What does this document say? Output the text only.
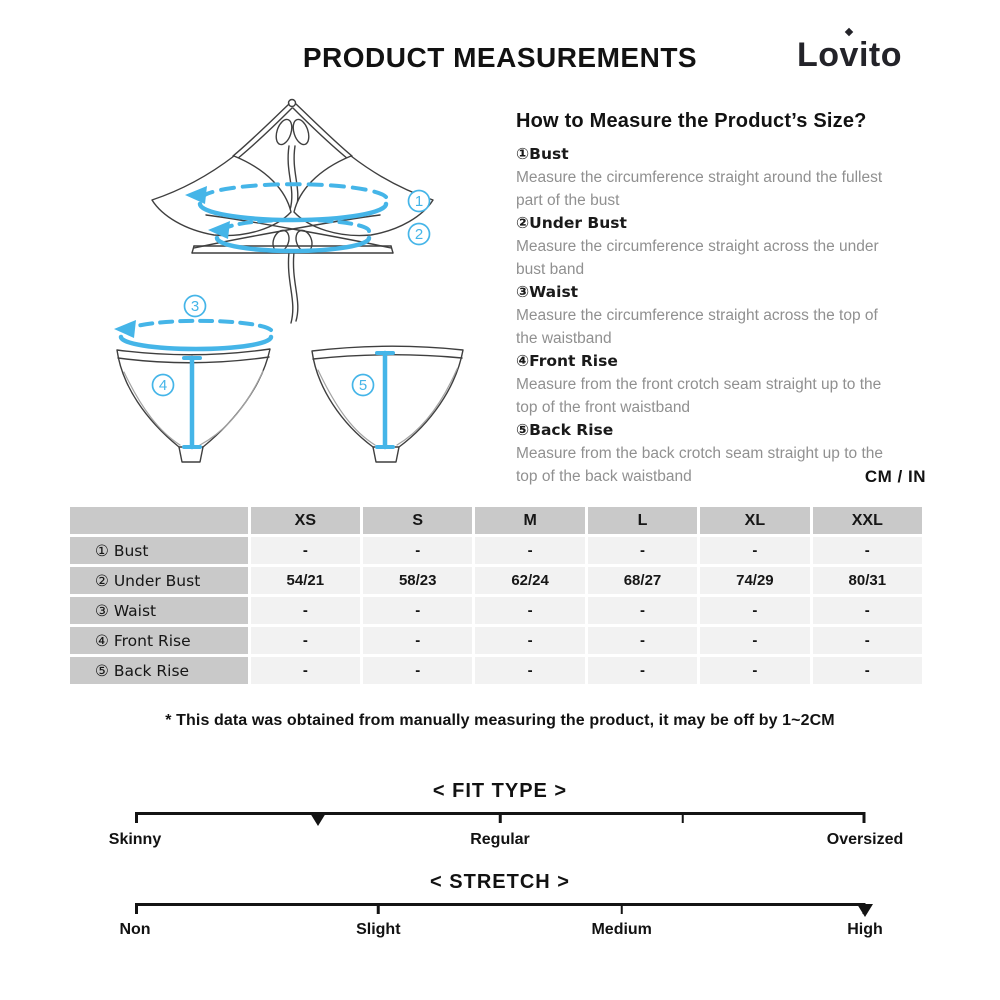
PRODUCT MEASUREMENTS	Lov
ito
1
2
3
4	5
How to Measure the Product’s Size?
①Bust
Measure the circumference straight around the fullest part of the bust
②Under Bust
Measure the circumference straight across the under bust band
③Waist
Measure the circumference straight across the top of the waistband
④Front Rise
Measure from the front crotch seam straight up to the top of the front waistband
⑤Back Rise
Measure from the back crotch seam straight up to the top of the back waistband	CM / IN
	XS	S	M	L	XL	XXL
① Bust	-	-	-	-	-	-
② Under Bust	54/21	58/23	62/24	68/27	74/29	80/31
③ Waist	-	-	-	-	-	-
④ Front Rise	-	-	-	-	-	-
⑤ Back Rise	-	-	-	-	-	-
* This data was obtained from manually measuring the product, it may be off by 1~2CM
< FIT TYPE >
Skinny	Regular	Oversized
< STRETCH >
Non	Slight	Medium	High
